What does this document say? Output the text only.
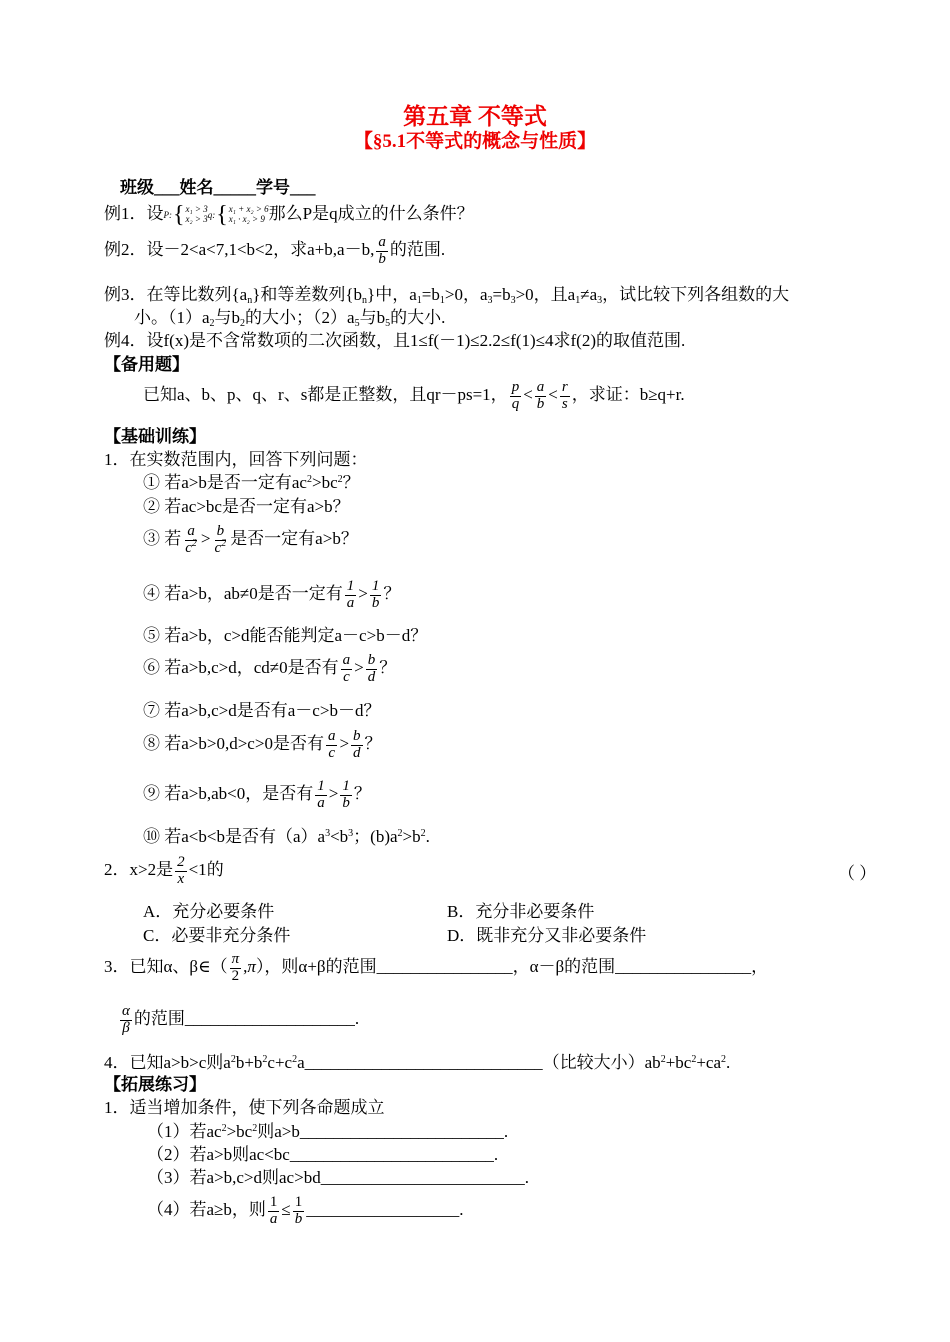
第五章 不等式
【§5.1不等式的概念与性质】
班级___姓名_____学号___
例1．设 P : { x₁ > 3
x₂ > 3 q : { x₁ + x₂ > 6
x₁ · x₂ > 9 那么P是q成立的什么条件？
例2．设－2<a<7,1<b<2，求a+b,a－b, $\frac{a}{b}$ 的范围.
例3．在等比数列$\{a_n\}$和等差数列$\{b_n\}$中，$a_1=b_1>0$，$a_3=b_3>0$，且$a_1\ne a_3$，试比较下列各组数的大
小。$(1)a_2$与$b_2$的大小；$(2)a_5$与$b_5$的大小.
例4．设f(x)是不含常数项的二次函数，且1≤f(－1)≤2.2≤f(1)≤4求f(2)的取值范围.
【备用题】
已知a、b、p、q、r、s都是正整数，且qr－ps=1， $\frac{p}{q} < \frac{a}{b} < \frac{r}{s}$ ，求证：b≥q+r.
【基础训练】
1．在实数范围内，回答下列问题：
① 若a>b是否一定有$ac^2>bc^2$？
② 若ac>bc是否一定有a>b？
③ 若 $\frac{a}{c^2} > \frac{b}{c^2}$ 是否一定有a>b？
④ 若a>b，ab≠0是否一定有 $\frac{1}{a} > \frac{1}{b}$ ？
⑤ 若a>b，c>d能否能判定a－c>b－d？
⑥ 若a>b,c>d，cd≠0是否有 $\frac{a}{c} > \frac{b}{d}$ ？
⑦ 若a>b,c>d是否有a－c>b－d？
⑧ 若a>b>0,d>c>0是否有 $\frac{a}{c} > \frac{b}{d}$ ？
⑨ 若a>b,ab<0，是否有 $\frac{1}{a} > \frac{1}{b}$ ？
⑩ 若a<b<b是否有$(a)a^3<b^3$；$(b)a^2>b^2$.
2．x>2是 $\frac{2}{x} <1$的	（ ）
A．充分必要条件	B．充分非必要条件
C．必要非充分条件	D．既非充分又非必要条件
3．已知α、β∈（ $\frac{\pi}{2} ,\pi$），则α+β的范围________________，α－β的范围________________，
$\frac{\alpha}{\beta}$ 的范围____________________.
4．已知a>b>c则$a^2b+b^2c+c^2a\_\_\_\_\_\_\_\_\_\_\_\_\_\_\_\_\_\_\_\_\_\_\_\_\_\_\_\_$（比较大小）$ab^2+bc^2+ca^2$.
【拓展练习】
1．适当增加条件，使下列各命题成立
（1）若$ac^2>bc^2$则a>b________________________.
（2）若a>b则ac<bc________________________.
（3）若a>b,c>d则ac>bd________________________.
（4）若a≥b，则 $\frac{1}{a} \le \frac{1}{b}$ __________________.
